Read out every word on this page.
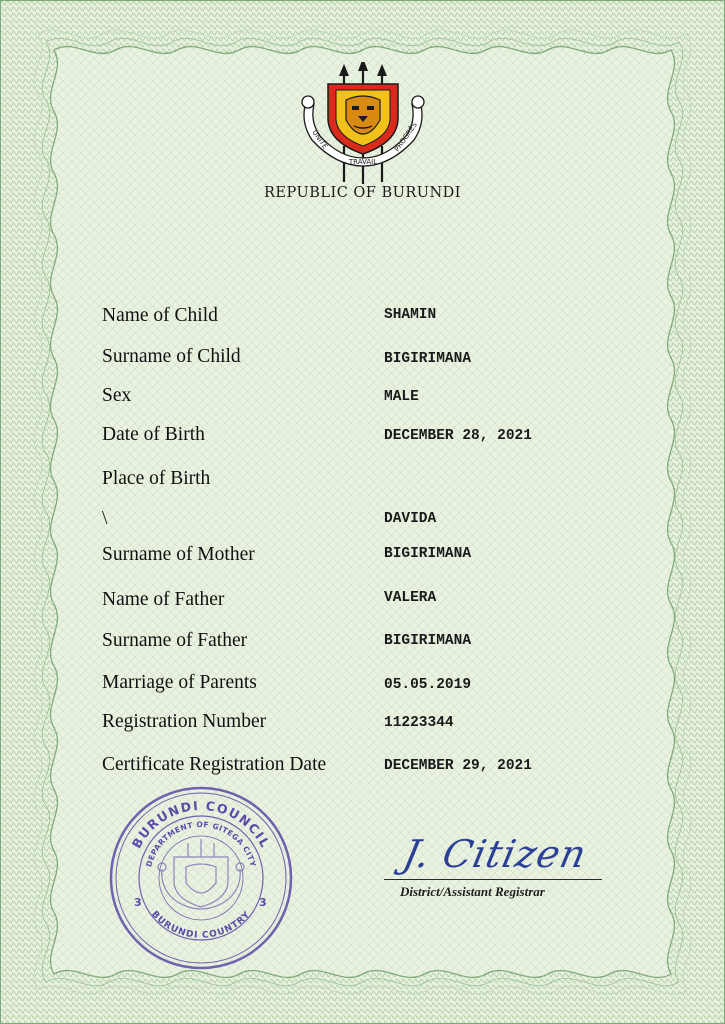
UNITÉ
TRAVAIL
PROGRÈS
REPUBLIC OF BURUNDI
Name of Child
Surname of Child
Sex
Date of Birth
Place of Birth
\
Surname of Mother
Name of Father
Surname of Father
Marriage of Parents
Registration Number
Certificate Registration Date
SHAMIN
BIGIRIMANA
MALE
DECEMBER 28, 2021
DAVIDA
BIGIRIMANA
VALERA
BIGIRIMANA
05.05.2019
11223344
DECEMBER 29, 2021
BURUNDI COUNCIL
DEPARTMENT OF GITEGA CITY
BURUNDI COUNTRY
3	3
J. Citizen
District/Assistant Registrar
